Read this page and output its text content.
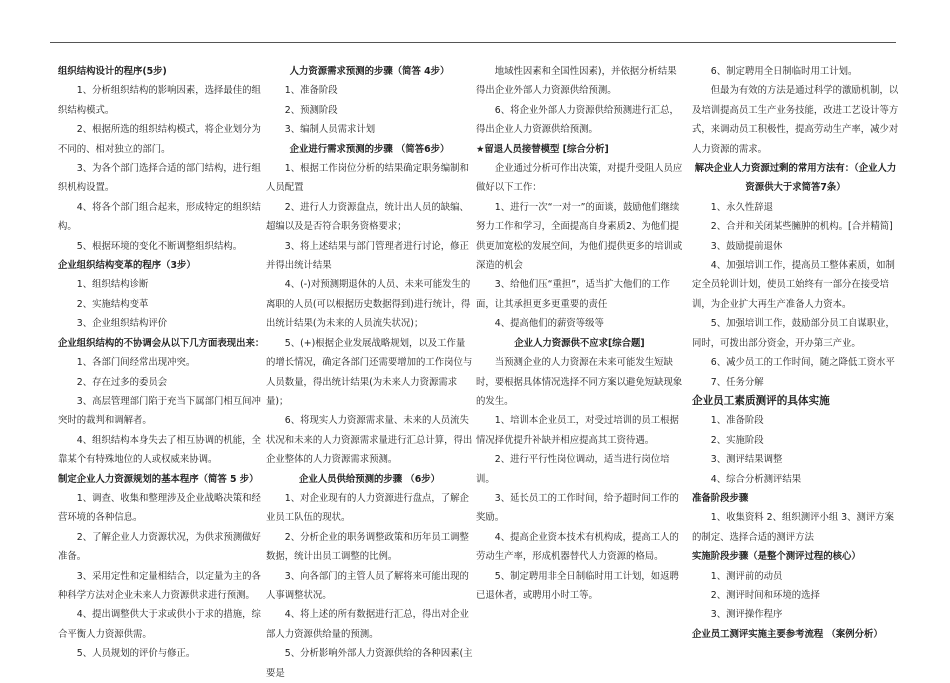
组织结构设计的程序(5步)

1、分析组织结构的影响因素，选择最佳的组织结构模式。

2、根据所选的组织结构模式，将企业划分为不同的、相对独立的部门。

3、为各个部门选择合适的部门结构，进行组织机构设置。

4、将各个部门组合起来，形成特定的组织结构。

5、根据环境的变化不断调整组织结构。

企业组织结构变革的程序（3步）

1、组织结构诊断

2、实施结构变革

3、企业组织结构评价

企业组织结构的不协调会从以下几方面表现出来：

1、各部门间经常出现冲突。

2、存在过多的委员会

3、高层管理部门陷于充当下属部门相互间冲突时的裁判和调解者。

4、组织结构本身失去了相互协调的机能，全靠某个有特殊地位的人或权威来协调。

制定企业人力资源规划的基本程序（简答 5 步）

1、调查、收集和整理涉及企业战略决策和经营环境的各种信息。

2、了解企业人力资源状况，为供求预测做好准备。

3、采用定性和定量相结合，以定量为主的各种科学方法对企业未来人力资源供求进行预测。

4、提出调整供大于求或供小于求的措施，综合平衡人力资源供需。

5、人员规划的评价与修正。

人力资源需求预测的步骤（简答 4步）

1、准备阶段

2、预测阶段

3、编制人员需求计划

企业进行需求预测的步骤 （简答6步）

1、根据工作岗位分析的结果确定职务编制和人员配置

2、进行人力资源盘点，统计出人员的缺编、超编以及是否符合职务资格要求；

3、将上述结果与部门管理者进行讨论，修正并得出统计结果

4、(-)对预测期退休的人员、未来可能发生的离职的人员(可以根据历史数据得到)进行统计，得出统计结果(为未来的人员流失状况)；

5、(+)根据企业发展战略规划，以及工作量的增长情况，确定各部门还需要增加的工作岗位与人员数量，得出统计结果(为未来人力资源需求量)；

6、将现实人力资源需求量、未来的人员流失状况和未来的人力资源需求量进行汇总计算，得出企业整体的人力资源需求预测。

企业人员供给预测的步骤 （6步）

1、对企业现有的人力资源进行盘点，了解企业员工队伍的现状。

2、分析企业的职务调整政策和历年员工调整数据，统计出员工调整的比例。

3、向各部门的主管人员了解将来可能出现的人事调整状况。

4、将上述的所有数据进行汇总，得出对企业部人力资源供给量的预测。

5、分析影响外部人力资源供给的各种因素(主要是

地域性因素和全国性因素)，并依据分析结果得出企业外部人力资源供给预测。

6、将企业外部人力资源供给预测进行汇总，得出企业人力资源供给预测。

★留退人员接替模型 [综合分析]

企业通过分析可作出决策，对提升受阻人员应做好以下工作：

1、进行一次“一对一”的面谈，鼓励他们继续努力工作和学习，全面提高自身素质2、为他们提供更加宽松的发展空间，为他们提供更多的培训或深造的机会

3、给他们压“重担”，适当扩大他们的工作面，让其承担更多更重要的责任

4、提高他们的薪资等级等

企业人力资源供不应求[综合题]

当预测企业的人力资源在未来可能发生短缺时，要根据具体情况选择不同方案以避免短缺现象的发生。

1、培训本企业员工，对受过培训的员工根据情况择优提升补缺并相应提高其工资待遇。

2、进行平行性岗位调动，适当进行岗位培训。

3、延长员工的工作时间，给予超时间工作的奖励。

4、提高企业资本技术有机构成，提高工人的劳动生产率，形成机器替代人力资源的格局。

5、制定聘用非全日制临时用工计划，如返聘已退休者，或聘用小时工等。

6、制定聘用全日制临时用工计划。

但最为有效的方法是通过科学的激励机制，以及培训提高员工生产业务技能，改进工艺设计等方式，来调动员工积极性，提高劳动生产率，减少对人力资源的需求。

解决企业人力资源过剩的常用方法有：（企业人力资源供大于求简答7条）

1、永久性辞退

2、合并和关闭某些臃肿的机构。[合并精简]

3、鼓励提前退休

4、加强培训工作，提高员工整体素质，如制定全员轮训计划，使员工始终有一部分在接受培训，为企业扩大再生产准备人力资本。

5、加强培训工作，鼓励部分员工自谋职业，同时，可拨出部分资金，开办第三产业。

6、减少员工的工作时间，随之降低工资水平

7、任务分解

企业员工素质测评的具体实施

1、准备阶段

2、实施阶段

3、测评结果调整

4、综合分析测评结果

准备阶段步骤

1、收集资料 2、组织测评小组 3、测评方案的制定、选择合适的测评方法

实施阶段步骤（是整个测评过程的核心）

1、测评前的动员

2、测评时间和环境的选择

3、测评操作程序

企业员工测评实施主要参考流程 （案例分析）
